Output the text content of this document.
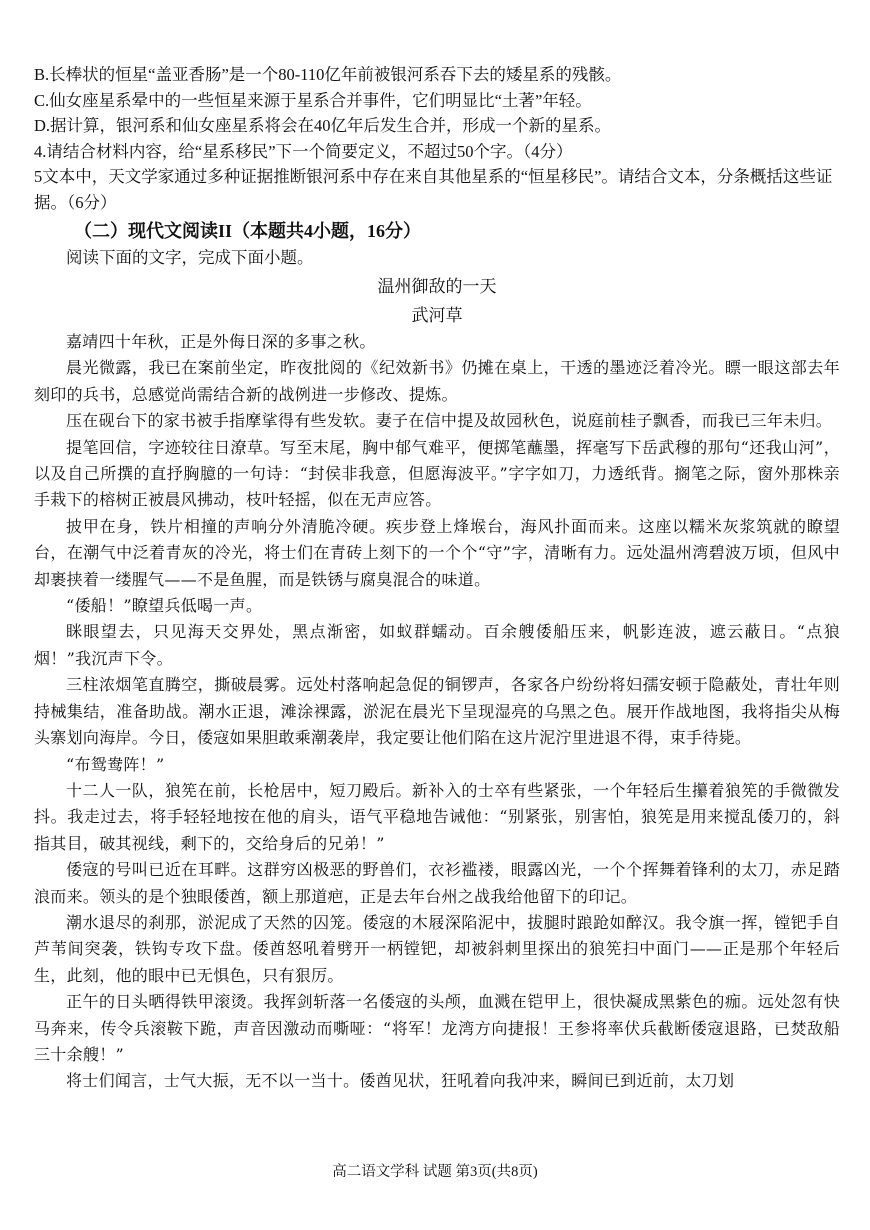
B.长棒状的恒星“盖亚香肠”是一个80-110亿年前被银河系吞下去的矮星系的残骸。

C.仙女座星系晕中的一些恒星来源于星系合并事件，它们明显比“土著”年轻。

D.据计算，银河系和仙女座星系将会在40亿年后发生合并，形成一个新的星系。

4.请结合材料内容，给“星系移民”下一个简要定义，不超过50个字。（4分）

5文本中，天文学家通过多种证据推断银河系中存在来自其他星系的“恒星移民”。请结合文本，分条概括这些证据。（6分）

（二）现代文阅读II（本题共4小题，16分）

阅读下面的文字，完成下面小题。

温州御敌的一天

武河草

嘉靖四十年秋，正是外侮日深的多事之秋。

晨光微露，我已在案前坐定，昨夜批阅的《纪效新书》仍摊在桌上，干透的墨迹泛着冷光。瞟一眼这部去年刻印的兵书，总感觉尚需结合新的战例进一步修改、提炼。

压在砚台下的家书被手指摩挲得有些发软。妻子在信中提及故园秋色，说庭前桂子飘香，而我已三年未归。

提笔回信，字迹较往日潦草。写至末尾，胸中郁气难平，便掷笔蘸墨，挥毫写下岳武穆的那句“还我山河”，以及自己所撰的直抒胸臆的一句诗：“封侯非我意，但愿海波平。”字字如刀，力透纸背。搁笔之际，窗外那株亲手栽下的榕树正被晨风拂动，枝叶轻摇，似在无声应答。

披甲在身，铁片相撞的声响分外清脆冷硬。疾步登上烽堠台，海风扑面而来。这座以糯米灰浆筑就的瞭望台，在潮气中泛着青灰的冷光，将士们在青砖上刻下的一个个“守”字，清晰有力。远处温州湾碧波万顷，但风中却裹挟着一缕腥气——不是鱼腥，而是铁锈与腐臭混合的味道。

“倭船！”瞭望兵低喝一声。

眯眼望去，只见海天交界处，黑点渐密，如蚁群蠕动。百余艘倭船压来，帆影连波，遮云蔽日。“点狼烟！”我沉声下令。

三柱浓烟笔直腾空，撕破晨雾。远处村落响起急促的铜锣声，各家各户纷纷将妇孺安顿于隐蔽处，青壮年则持械集结，准备助战。潮水正退，滩涂裸露，淤泥在晨光下呈现湿亮的乌黑之色。展开作战地图，我将指尖从梅头寨划向海岸。今日，倭寇如果胆敢乘潮袭岸，我定要让他们陷在这片泥泞里进退不得，束手待毙。

“布鸳鸯阵！”

十二人一队，狼筅在前，长枪居中，短刀殿后。新补入的士卒有些紧张，一个年轻后生攥着狼筅的手微微发抖。我走过去，将手轻轻地按在他的肩头，语气平稳地告诫他：“别紧张，别害怕，狼筅是用来搅乱倭刀的，斜指其目，破其视线，剩下的，交给身后的兄弟！”

倭寇的号叫已近在耳畔。这群穷凶极恶的野兽们，衣衫褴褛，眼露凶光，一个个挥舞着锋利的太刀，赤足踏浪而来。领头的是个独眼倭酋，额上那道疤，正是去年台州之战我给他留下的印记。

潮水退尽的刹那，淤泥成了天然的囚笼。倭寇的木屐深陷泥中，拔腿时踉跄如醉汉。我令旗一挥，镗钯手自芦苇间突袭，铁钩专攻下盘。倭酋怒吼着劈开一柄镗钯，却被斜刺里探出的狼筅扫中面门——正是那个年轻后生，此刻，他的眼中已无惧色，只有狠厉。

正午的日头晒得铁甲滚烫。我挥剑斩落一名倭寇的头颅，血溅在铠甲上，很快凝成黑紫色的痂。远处忽有快马奔来，传令兵滚鞍下跪，声音因激动而嘶哑：“将军！龙湾方向捷报！王参将率伏兵截断倭寇退路，已焚敌船三十余艘！”

将士们闻言，士气大振，无不以一当十。倭酋见状，狂吼着向我冲来，瞬间已到近前，太刀划

高二语文学科 试题 第3页(共8页)
